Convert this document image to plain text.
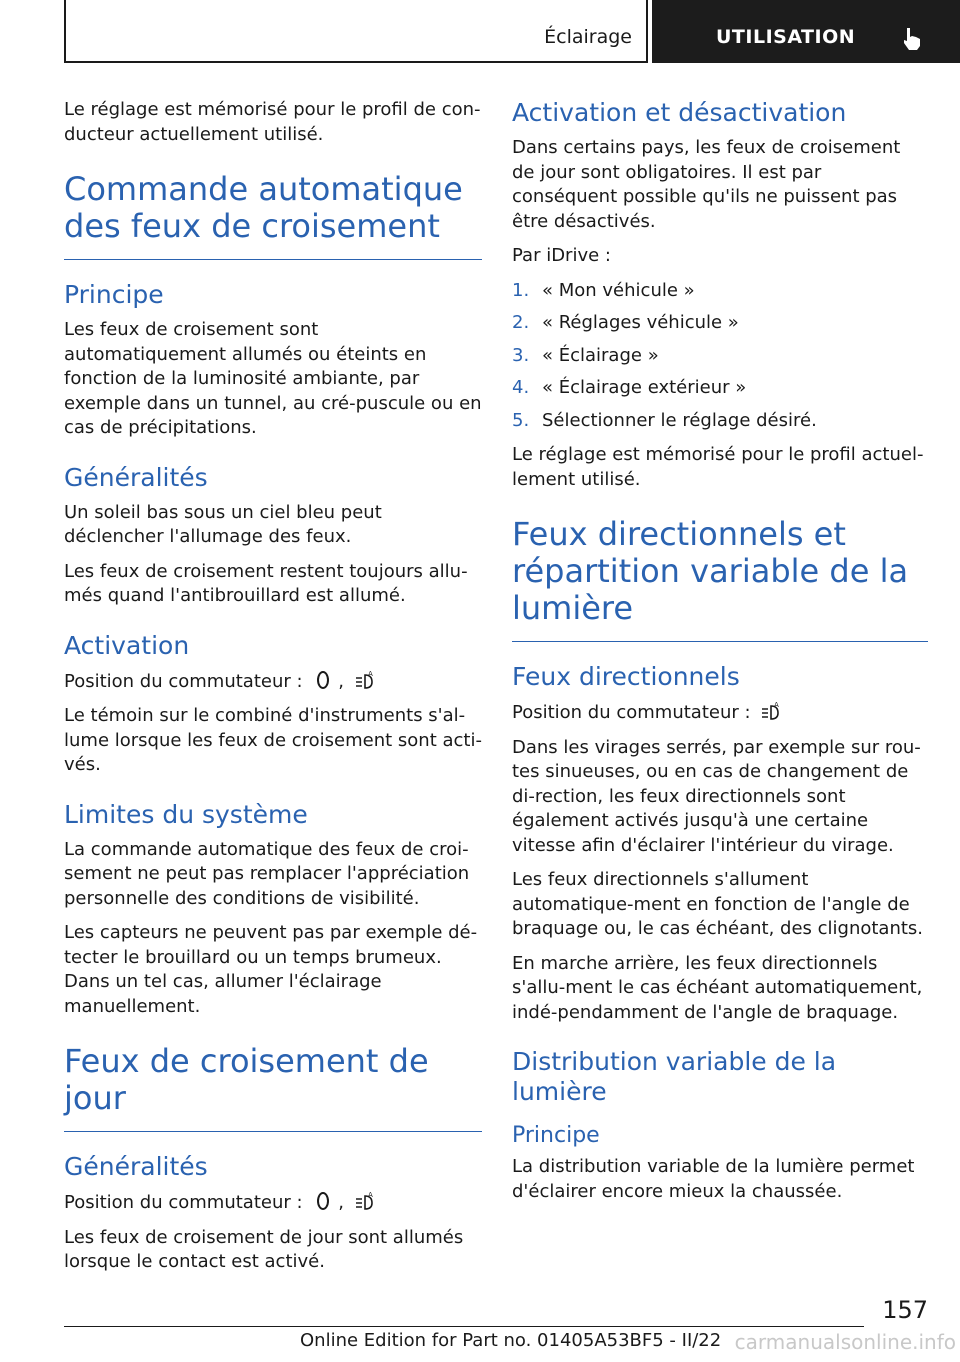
Éclairage	UTILISATION

Le réglage est mémorisé pour le profil de con-ducteur actuellement utilisé.

Commande automatique des feux de croisement
Principe

Les feux de croisement sont automatiquement allumés ou éteints en fonction de la luminosité ambiante, par exemple dans un tunnel, au cré-puscule ou en cas de précipitations.

Généralités

Un soleil bas sous un ciel bleu peut déclencher l'allumage des feux.

Les feux de croisement restent toujours allu-més quand l'antibrouillard est allumé.

Activation

Position du commutateur : ,	A

Le témoin sur le combiné d'instruments s'al-lume lorsque les feux de croisement sont acti-vés.

Limites du système

La commande automatique des feux de croi-sement ne peut pas remplacer l'appréciation personnelle des conditions de visibilité.

Les capteurs ne peuvent pas par exemple dé-tecter le brouillard ou un temps brumeux. Dans un tel cas, allumer l'éclairage manuellement.

Feux de croisement de jour
Généralités

Position du commutateur : ,	A

Les feux de croisement de jour sont allumés lorsque le contact est activé.

Activation et désactivation

Dans certains pays, les feux de croisement de jour sont obligatoires. Il est par conséquent possible qu'ils ne puissent pas être désactivés.

Par iDrive :

1. « Mon véhicule »
2. « Réglages véhicule »
3. « Éclairage »
4. « Éclairage extérieur »
5. Sélectionner le réglage désiré.

Le réglage est mémorisé pour le profil actuel-lement utilisé.

Feux directionnels et répartition variable de la lumière
Feux directionnels

Position du commutateur :	A

Dans les virages serrés, par exemple sur rou-tes sinueuses, ou en cas de changement de di-rection, les feux directionnels sont également activés jusqu'à une certaine vitesse afin d'éclairer l'intérieur du virage.

Les feux directionnels s'allument automatique-ment en fonction de l'angle de braquage ou, le cas échéant, des clignotants.

En marche arrière, les feux directionnels s'allu-ment le cas échéant automatiquement, indé-pendamment de l'angle de braquage.

Distribution variable de la lumière
Principe

La distribution variable de la lumière permet d'éclairer encore mieux la chaussée.

157
Online Edition for Part no. 01405A53BF5 - II/22 carmanualsonline.info
